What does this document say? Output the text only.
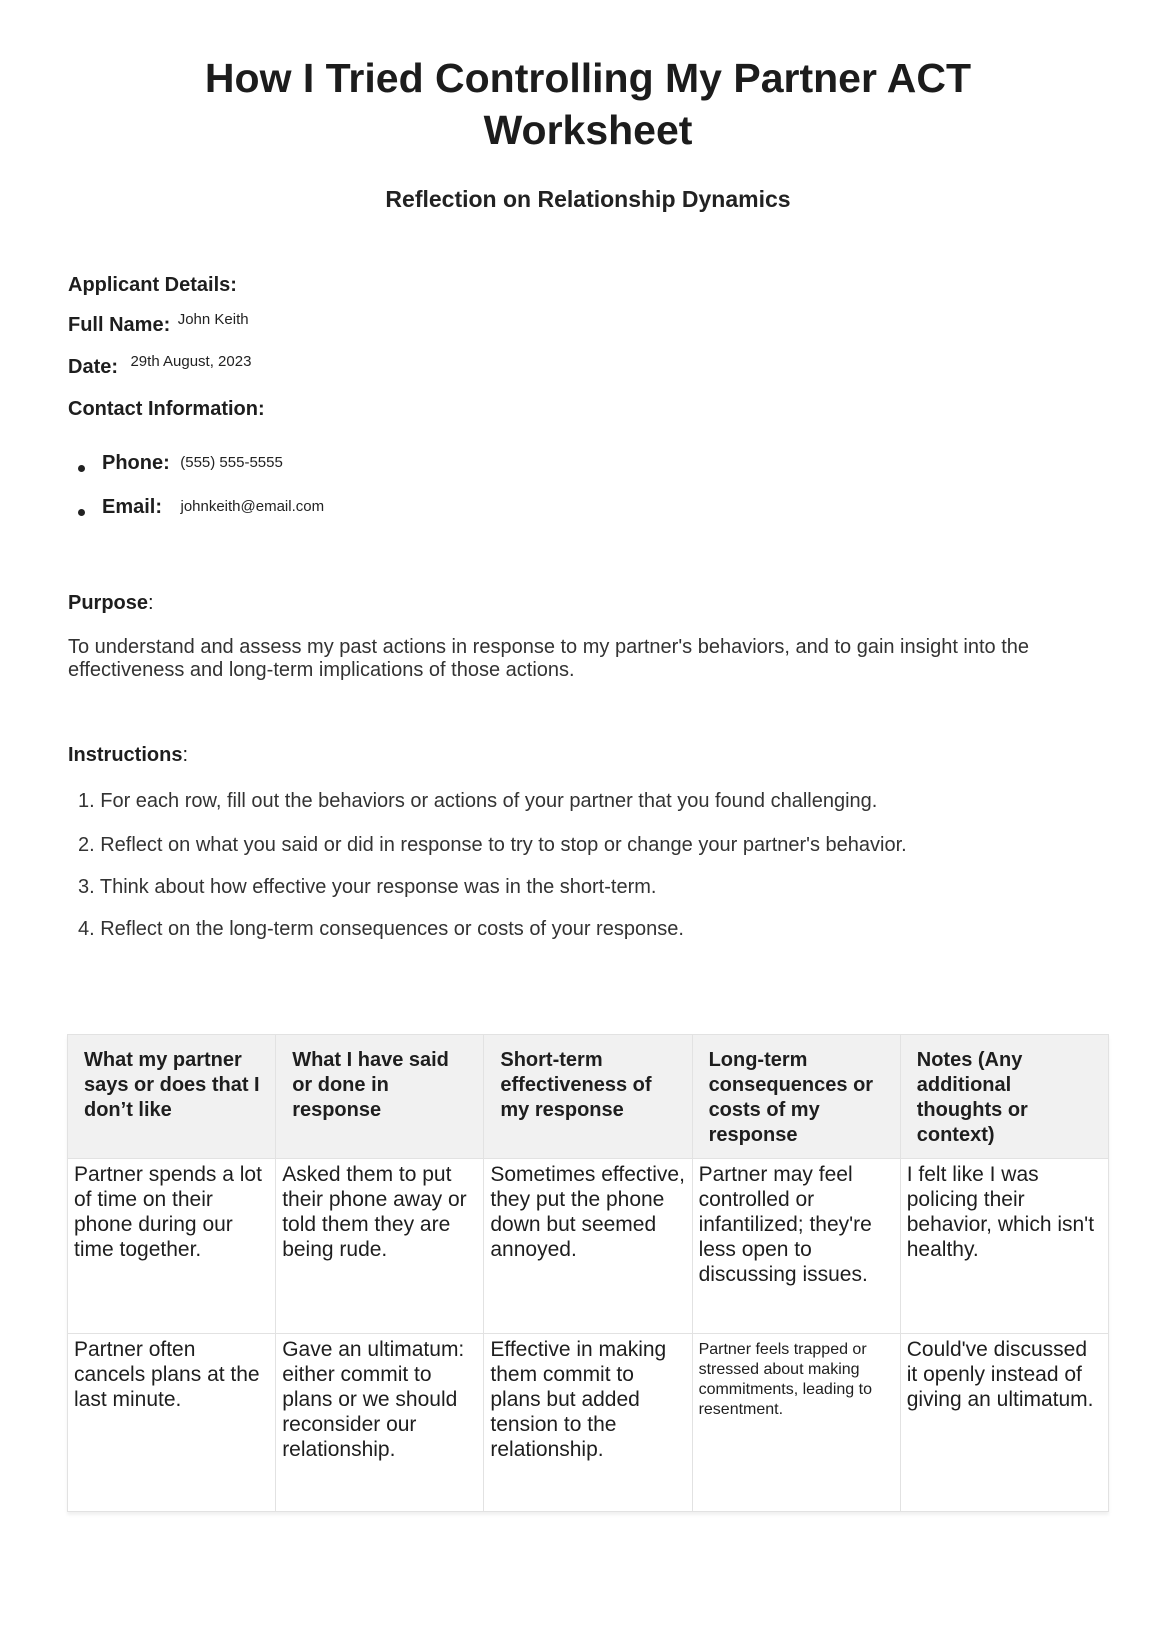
How I Tried Controlling My Partner ACT Worksheet
Reflection on Relationship Dynamics
Applicant Details:
Full Name: John Keith
Date: 29th August, 2023
Contact Information:
Phone: (555) 555-5555
Email: johnkeith@email.com
Purpose:
To understand and assess my past actions in response to my partner's behaviors, and to gain insight into the effectiveness and long-term implications of those actions.
Instructions:
1. For each row, fill out the behaviors or actions of your partner that you found challenging.
2. Reflect on what you said or did in response to try to stop or change your partner's behavior.
3. Think about how effective your response was in the short-term.
4. Reflect on the long-term consequences or costs of your response.
What my partner says or does that I don’t like	What I have said or done in response	Short-term effectiveness of my response	Long-term consequences or costs of my response	Notes (Any additional thoughts or context)
Partner spends a lot of time on their phone during our time together.	Asked them to put their phone away or told them they are being rude.	Sometimes effective, they put the phone down but seemed annoyed.	Partner may feel controlled or infantilized; they're less open to discussing issues.	I felt like I was policing their behavior, which isn't healthy.
Partner often cancels plans at the last minute.	Gave an ultimatum: either commit to plans or we should reconsider our relationship.	Effective in making them commit to plans but added tension to the relationship.	Partner feels trapped or stressed about making commitments, leading to resentment.	Could've discussed it openly instead of giving an ultimatum.
